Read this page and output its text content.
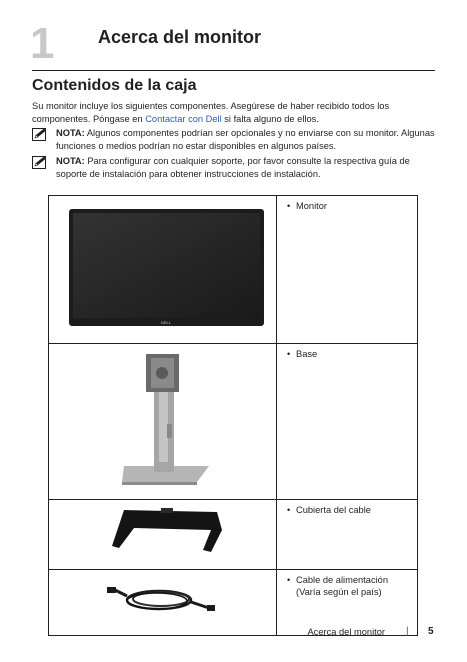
1 Acerca del monitor
Contenidos de la caja
Su monitor incluye los siguientes componentes. Asegúrese de haber recibido todos los componentes. Póngase en Contactar con Dell si falta alguno de ellos.
NOTA: Algunos componentes podrían ser opcionales y no enviarse con su monitor. Algunas funciones o medios podrían no estar disponibles en algunos países.
NOTA: Para configurar con cualquier soporte, por favor consulte la respectiva guía de soporte de instalación para obtener instrucciones de instalación.
DELL	• Monitor
	• Base
	• Cubierta del cable
	• Cable de alimentación
(Varía según el país)
Acerca del monitor | 5
